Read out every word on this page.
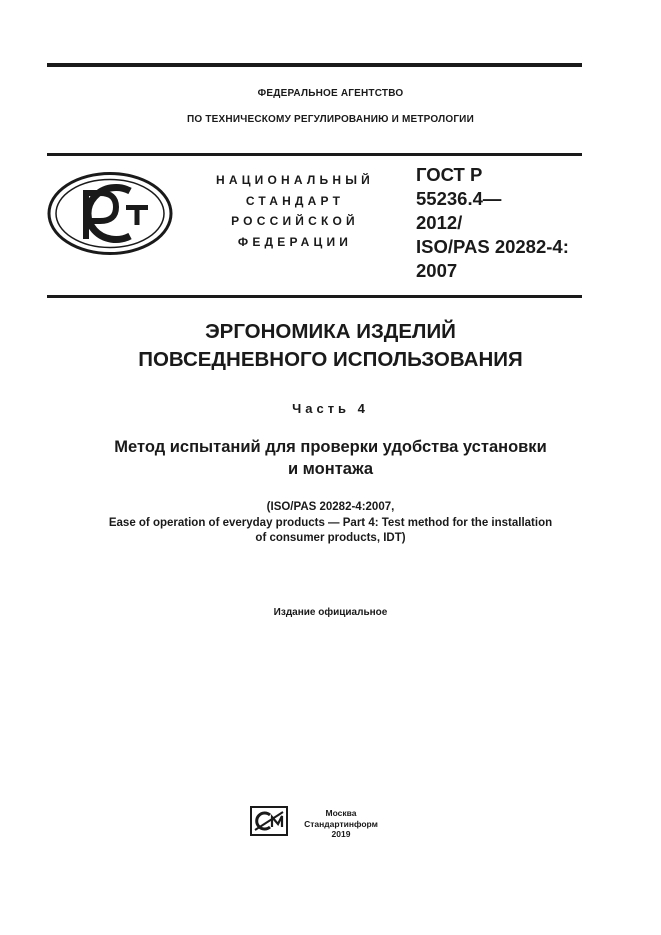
ФЕДЕРАЛЬНОЕ АГЕНТСТВО
ПО ТЕХНИЧЕСКОМУ РЕГУЛИРОВАНИЮ И МЕТРОЛОГИИ
НАЦИОНАЛЬНЫЙ
СТАНДАРТ
РОССИЙСКОЙ
ФЕДЕРАЦИИ
ГОСТ Р
55236.4—
2012/
ISO/PAS 20282-4:
2007
ЭРГОНОМИКА ИЗДЕЛИЙ
ПОВСЕДНЕВНОГО ИСПОЛЬЗОВАНИЯ
Часть 4
Метод испытаний для проверки удобства установки
и монтажа
(ISO/PAS 20282-4:2007,
Ease of operation of everyday products — Part 4: Test method for the installation
of consumer products, IDT)
Издание официальное
Москва
Стандартинформ
2019
